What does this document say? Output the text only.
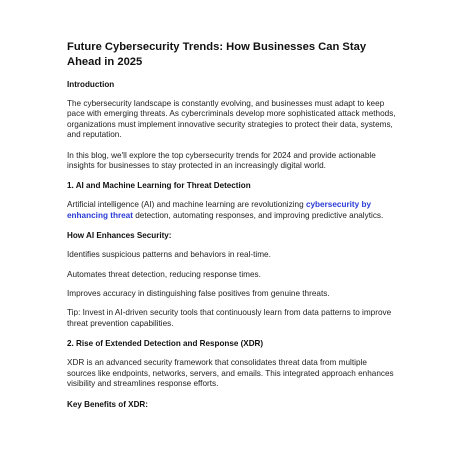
Future Cybersecurity Trends: How Businesses Can Stay Ahead in 2025
Introduction
The cybersecurity landscape is constantly evolving, and businesses must adapt to keep pace with emerging threats. As cybercriminals develop more sophisticated attack methods, organizations must implement innovative security strategies to protect their data, systems, and reputation.
In this blog, we'll explore the top cybersecurity trends for 2024 and provide actionable insights for businesses to stay protected in an increasingly digital world.
1. AI and Machine Learning for Threat Detection
Artificial intelligence (AI) and machine learning are revolutionizing cybersecurity by enhancing threat detection, automating responses, and improving predictive analytics.
How AI Enhances Security:
Identifies suspicious patterns and behaviors in real-time.
Automates threat detection, reducing response times.
Improves accuracy in distinguishing false positives from genuine threats.
Tip: Invest in AI-driven security tools that continuously learn from data patterns to improve threat prevention capabilities.
2. Rise of Extended Detection and Response (XDR)
XDR is an advanced security framework that consolidates threat data from multiple sources like endpoints, networks, servers, and emails. This integrated approach enhances visibility and streamlines response efforts.
Key Benefits of XDR:
